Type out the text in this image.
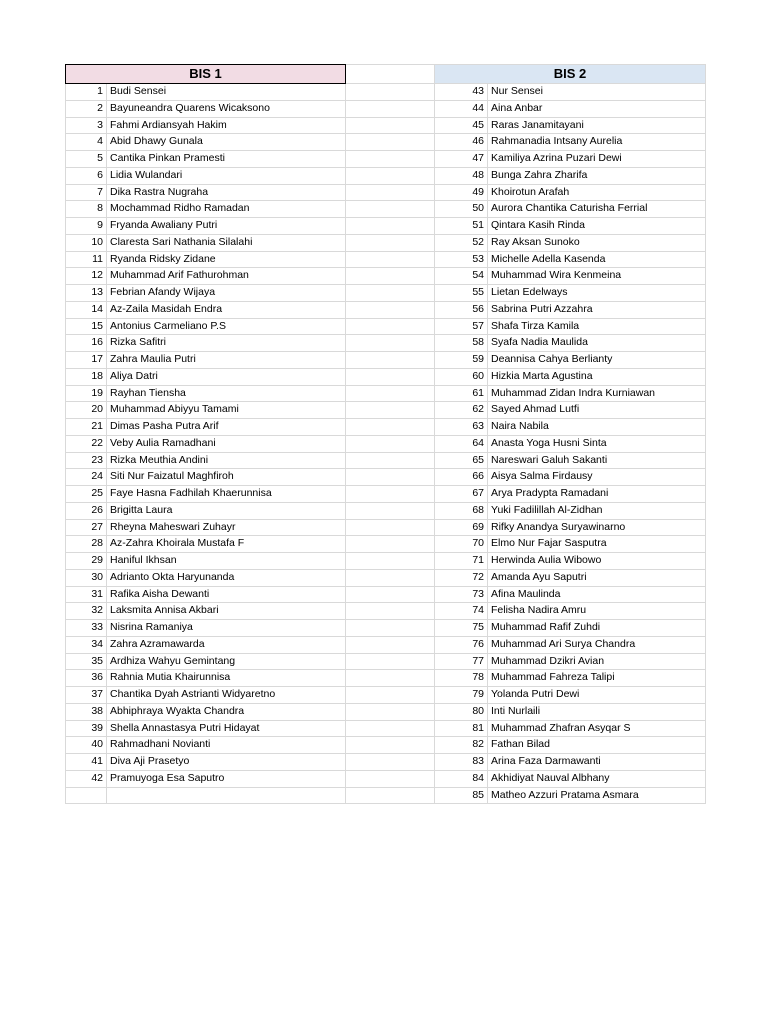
BIS 1			BIS 2	
1	Budi Sensei		43	Nur Sensei
2	Bayuneandra Quarens Wicaksono		44	Aina Anbar
3	Fahmi Ardiansyah Hakim		45	Raras Janamitayani
4	Abid Dhawy Gunala		46	Rahmanadia Intsany Aurelia
5	Cantika Pinkan Pramesti		47	Kamiliya Azrina Puzari Dewi
6	Lidia Wulandari		48	Bunga Zahra Zharifa
7	Dika Rastra Nugraha		49	Khoirotun Arafah
8	Mochammad Ridho Ramadan		50	Aurora Chantika Caturisha Ferrial
9	Fryanda Awaliany Putri		51	Qintara Kasih Rinda
10	Claresta Sari Nathania Silalahi		52	Ray Aksan Sunoko
11	Ryanda Ridsky Zidane		53	Michelle Adella Kasenda
12	Muhammad Arif Fathurohman		54	Muhammad Wira Kenmeina
13	Febrian Afandy Wijaya		55	Lietan Edelways
14	Az-Zaila Masidah Endra		56	Sabrina Putri Azzahra
15	Antonius Carmeliano P.S		57	Shafa Tirza Kamila
16	Rizka Safitri		58	Syafa Nadia Maulida
17	Zahra Maulia Putri		59	Deannisa Cahya Berlianty
18	Aliya Datri		60	Hizkia Marta Agustina
19	Rayhan Tiensha		61	Muhammad Zidan Indra Kurniawan
20	Muhammad Abiyyu Tamami		62	Sayed Ahmad Lutfi
21	Dimas Pasha Putra Arif		63	Naira Nabila
22	Veby Aulia Ramadhani		64	Anasta Yoga Husni Sinta
23	Rizka Meuthia Andini		65	Nareswari Galuh Sakanti
24	Siti Nur Faizatul Maghfiroh		66	Aisya Salma Firdausy
25	Faye Hasna Fadhilah Khaerunnisa		67	Arya Pradypta Ramadani
26	Brigitta Laura		68	Yuki Fadilillah Al-Zidhan
27	Rheyna Maheswari Zuhayr		69	Rifky Anandya Suryawinarno
28	Az-Zahra Khoirala Mustafa F		70	Elmo Nur Fajar Sasputra
29	Haniful Ikhsan		71	Herwinda Aulia Wibowo
30	Adrianto Okta Haryunanda		72	Amanda Ayu Saputri
31	Rafika Aisha Dewanti		73	Afina Maulinda
32	Laksmita Annisa Akbari		74	Felisha Nadira Amru
33	Nisrina Ramaniya		75	Muhammad Rafif Zuhdi
34	Zahra Azramawarda		76	Muhammad Ari Surya Chandra
35	Ardhiza Wahyu Gemintang		77	Muhammad Dzikri Avian
36	Rahnia Mutia Khairunnisa		78	Muhammad Fahreza Talipi
37	Chantika Dyah Astrianti Widyaretno		79	Yolanda Putri Dewi
38	Abhiphraya Wyakta Chandra		80	Inti Nurlaili
39	Shella Annastasya Putri Hidayat		81	Muhammad Zhafran Asyqar S
40	Rahmadhani Novianti		82	Fathan Bilad
41	Diva Aji Prasetyo		83	Arina Faza Darmawanti
42	Pramuyoga Esa Saputro		84	Akhidiyat Nauval Albhany
			85	Matheo Azzuri Pratama Asmara
